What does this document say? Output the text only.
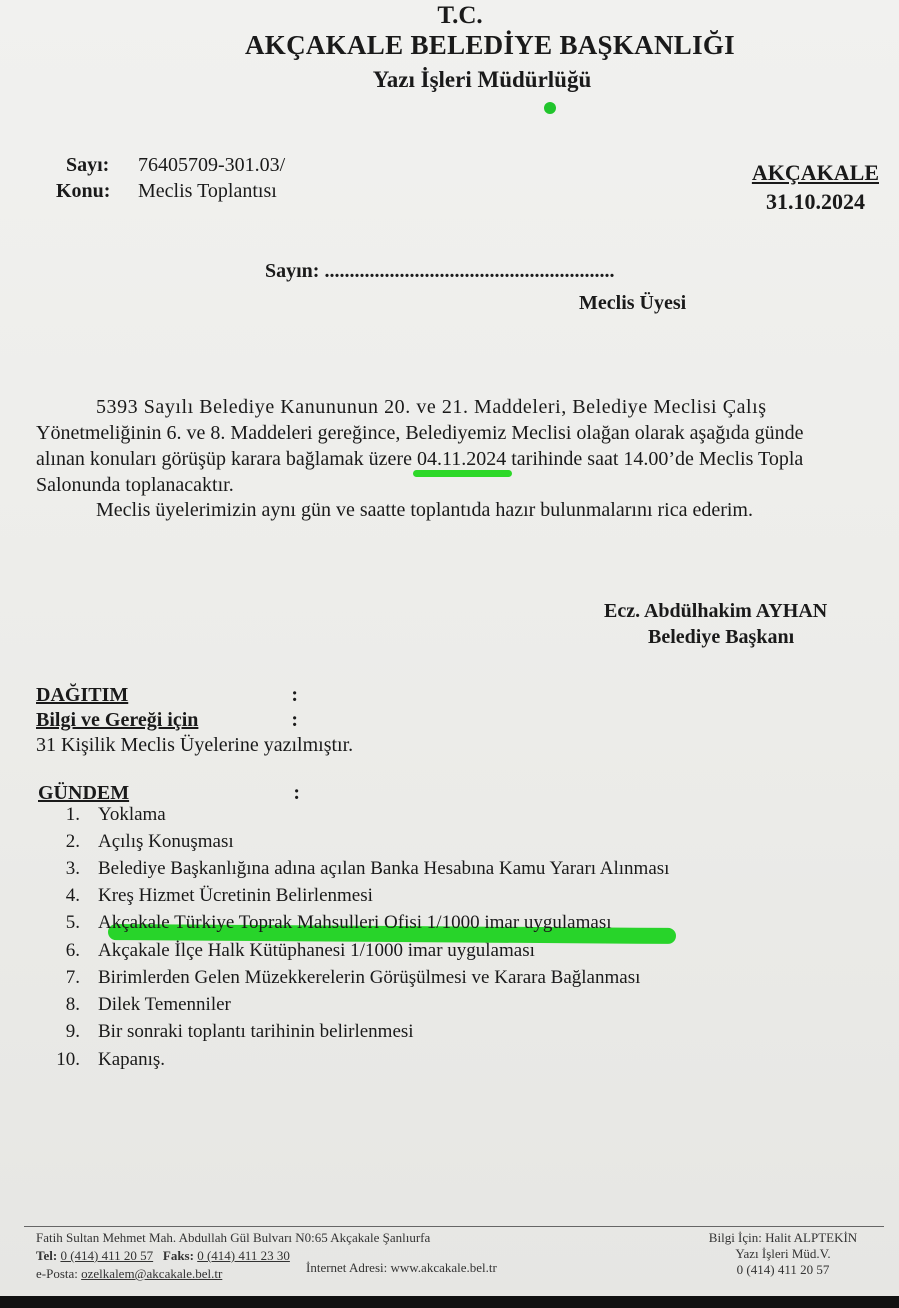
T.C.
AKÇAKALE BELEDİYE BAŞKANLIĞI
Yazı İşleri Müdürlüğü
Sayı: 76405709-301.03/
Konu: Meclis Toplantısı
AKÇAKALE
31.10.2024
Sayın: ..........................................................
Meclis Üyesi
5393 Sayılı Belediye Kanununun 20. ve 21. Maddeleri, Belediye Meclisi Çalış
Yönetmeliğinin 6. ve 8. Maddeleri gereğince, Belediyemiz Meclisi olağan olarak aşağıda günde
alınan konuları görüşüp karara bağlamak üzere 04.11.2024 tarihinde saat 14.00’de Meclis Topla
Salonunda toplanacaktır.
Meclis üyelerimizin aynı gün ve saatte toplantıda hazır bulunmalarını rica ederim.
Ecz. Abdülhakim AYHAN
Belediye Başkanı
DAĞITIM	:
Bilgi ve Gereği için	:
31 Kişilik Meclis Üyelerine yazılmıştır.
GÜNDEM	:
1. Yoklama
2. Açılış Konuşması
3. Belediye Başkanlığına adına açılan Banka Hesabına Kamu Yararı Alınması
4. Kreş Hizmet Ücretinin Belirlenmesi
5. Akçakale Türkiye Toprak Mahsulleri Ofisi 1/1000 imar uygulaması
6. Akçakale İlçe Halk Kütüphanesi 1/1000 imar uygulaması
7. Birimlerden Gelen Müzekkerelerin Görüşülmesi ve Karara Bağlanması
8. Dilek Temenniler
9. Bir sonraki toplantı tarihinin belirlenmesi
10. Kapanış.
Fatih Sultan Mehmet Mah. Abdullah Gül Bulvarı N0:65 Akçakale Şanlıurfa
Tel: 0 (414) 411 20 57 Faks: 0 (414) 411 23 30
e-Posta: ozelkalem@akcakale.bel.tr	İnternet Adresi: www.akcakale.bel.tr
Bilgi İçin: Halit ALPTEKİN
Yazı İşleri Müd.V.
0 (414) 411 20 57
